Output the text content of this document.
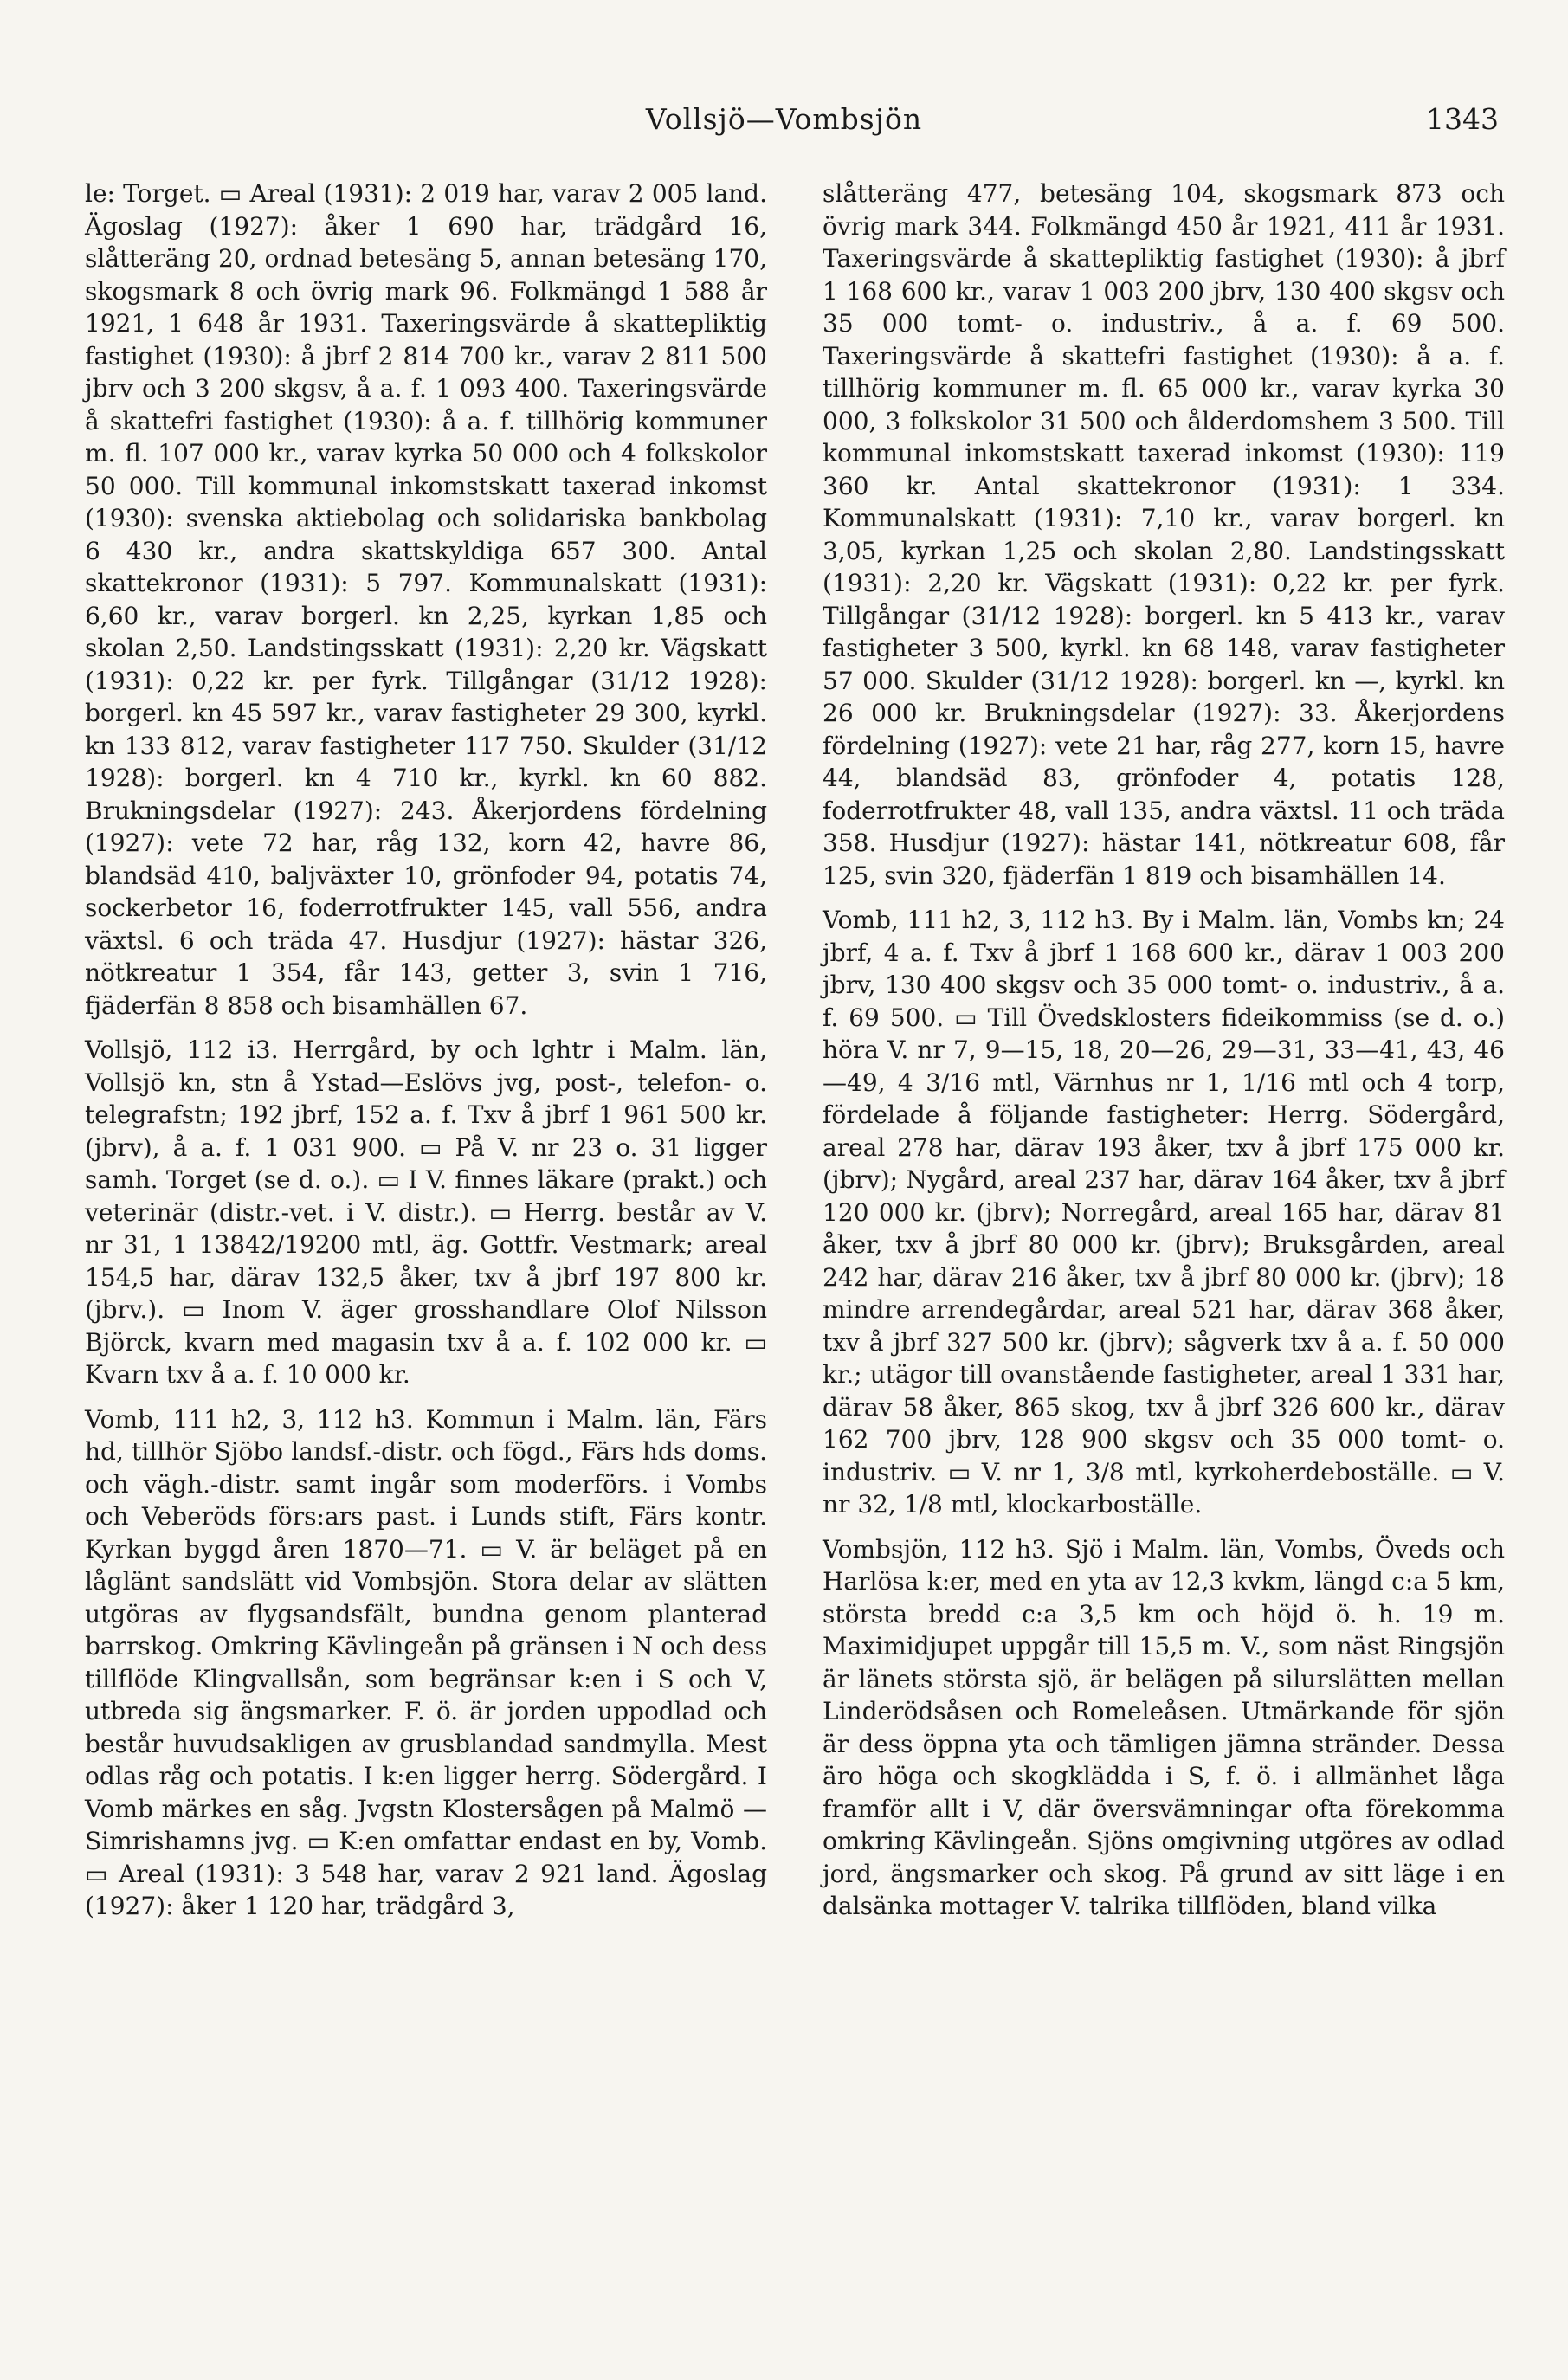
Vollsjö—Vombsjön	1343

le: Torget. ▭ Areal (1931): 2 019 har, varav 2 005 land. Ägoslag (1927): åker 1 690 har, trädgård 16, slåtteräng 20, ordnad betesäng 5, annan betesäng 170, skogsmark 8 och övrig mark 96. Folkmängd 1 588 år 1921, 1 648 år 1931. Taxeringsvärde å skattepliktig fastighet (1930): å jbrf 2 814 700 kr., varav 2 811 500 jbrv och 3 200 skgsv, å a. f. 1 093 400. Taxeringsvärde å skattefri fastighet (1930): å a. f. tillhörig kommuner m. fl. 107 000 kr., varav kyrka 50 000 och 4 folkskolor 50 000. Till kommunal inkomstskatt taxerad inkomst (1930): svenska aktiebolag och solidariska bankbolag 6 430 kr., andra skattskyldiga 657 300. Antal skattekronor (1931): 5 797. Kommunalskatt (1931): 6,60 kr., varav borgerl. kn 2,25, kyrkan 1,85 och skolan 2,50. Landstingsskatt (1931): 2,20 kr. Vägskatt (1931): 0,22 kr. per fyrk. Tillgångar (31/12 1928): borgerl. kn 45 597 kr., varav fastigheter 29 300, kyrkl. kn 133 812, varav fastigheter 117 750. Skulder (31/12 1928): borgerl. kn 4 710 kr., kyrkl. kn 60 882. Brukningsdelar (1927): 243. Åkerjordens fördelning (1927): vete 72 har, råg 132, korn 42, havre 86, blandsäd 410, baljväxter 10, grönfoder 94, potatis 74, sockerbetor 16, foderrotfrukter 145, vall 556, andra växtsl. 6 och träda 47. Husdjur (1927): hästar 326, nötkreatur 1 354, får 143, getter 3, svin 1 716, fjäderfän 8 858 och bisamhällen 67.

Vollsjö, 112 i3. Herrgård, by och lghtr i Malm. län, Vollsjö kn, stn å Ystad—Eslövs jvg, post-, telefon- o. telegrafstn; 192 jbrf, 152 a. f. Txv å jbrf 1 961 500 kr. (jbrv), å a. f. 1 031 900. ▭ På V. nr 23 o. 31 ligger samh. Torget (se d. o.). ▭ I V. finnes läkare (prakt.) och veterinär (distr.-vet. i V. distr.). ▭ Herrg. består av V. nr 31, 1 13842/19200 mtl, äg. Gottfr. Vestmark; areal 154,5 har, därav 132,5 åker, txv å jbrf 197 800 kr. (jbrv.). ▭ Inom V. äger grosshandlare Olof Nilsson Björck, kvarn med magasin txv å a. f. 102 000 kr. ▭ Kvarn txv å a. f. 10 000 kr.

Vomb, 111 h2, 3, 112 h3. Kommun i Malm. län, Färs hd, tillhör Sjöbo landsf.-distr. och fögd., Färs hds doms. och vägh.-distr. samt ingår som moderförs. i Vombs och Veberöds förs:ars past. i Lunds stift, Färs kontr. Kyrkan byggd åren 1870—71. ▭ V. är beläget på en låglänt sandslätt vid Vombsjön. Stora delar av slätten utgöras av flygsandsfält, bundna genom planterad barrskog. Omkring Kävlingeån på gränsen i N och dess tillflöde Klingvallsån, som begränsar k:en i S och V, utbreda sig ängsmarker. F. ö. är jorden uppodlad och består huvudsakligen av grusblandad sandmylla. Mest odlas råg och potatis. I k:en ligger herrg. Södergård. I Vomb märkes en såg. Jvgstn Klostersågen på Malmö — Simrishamns jvg. ▭ K:en omfattar endast en by, Vomb. ▭ Areal (1931): 3 548 har, varav 2 921 land. Ägoslag (1927): åker 1 120 har, trädgård 3,

slåtteräng 477, betesäng 104, skogsmark 873 och övrig mark 344. Folkmängd 450 år 1921, 411 år 1931. Taxeringsvärde å skattepliktig fastighet (1930): å jbrf 1 168 600 kr., varav 1 003 200 jbrv, 130 400 skgsv och 35 000 tomt- o. industriv., å a. f. 69 500. Taxeringsvärde å skattefri fastighet (1930): å a. f. tillhörig kommuner m. fl. 65 000 kr., varav kyrka 30 000, 3 folkskolor 31 500 och ålderdomshem 3 500. Till kommunal inkomstskatt taxerad inkomst (1930): 119 360 kr. Antal skattekronor (1931): 1 334. Kommunalskatt (1931): 7,10 kr., varav borgerl. kn 3,05, kyrkan 1,25 och skolan 2,80. Landstingsskatt (1931): 2,20 kr. Vägskatt (1931): 0,22 kr. per fyrk. Tillgångar (31/12 1928): borgerl. kn 5 413 kr., varav fastigheter 3 500, kyrkl. kn 68 148, varav fastigheter 57 000. Skulder (31/12 1928): borgerl. kn —, kyrkl. kn 26 000 kr. Brukningsdelar (1927): 33. Åkerjordens fördelning (1927): vete 21 har, råg 277, korn 15, havre 44, blandsäd 83, grönfoder 4, potatis 128, foderrotfrukter 48, vall 135, andra växtsl. 11 och träda 358. Husdjur (1927): hästar 141, nötkreatur 608, får 125, svin 320, fjäderfän 1 819 och bisamhällen 14.

Vomb, 111 h2, 3, 112 h3. By i Malm. län, Vombs kn; 24 jbrf, 4 a. f. Txv å jbrf 1 168 600 kr., därav 1 003 200 jbrv, 130 400 skgsv och 35 000 tomt- o. industriv., å a. f. 69 500. ▭ Till Övedsklosters fideikommiss (se d. o.) höra V. nr 7, 9—15, 18, 20—26, 29—31, 33—41, 43, 46—49, 4 3/16 mtl, Värnhus nr 1, 1/16 mtl och 4 torp, fördelade å följande fastigheter: Herrg. Södergård, areal 278 har, därav 193 åker, txv å jbrf 175 000 kr. (jbrv); Nygård, areal 237 har, därav 164 åker, txv å jbrf 120 000 kr. (jbrv); Norregård, areal 165 har, därav 81 åker, txv å jbrf 80 000 kr. (jbrv); Bruksgården, areal 242 har, därav 216 åker, txv å jbrf 80 000 kr. (jbrv); 18 mindre arrendegårdar, areal 521 har, därav 368 åker, txv å jbrf 327 500 kr. (jbrv); sågverk txv å a. f. 50 000 kr.; utägor till ovanstående fastigheter, areal 1 331 har, därav 58 åker, 865 skog, txv å jbrf 326 600 kr., därav 162 700 jbrv, 128 900 skgsv och 35 000 tomt- o. industriv. ▭ V. nr 1, 3/8 mtl, kyrkoherdeboställe. ▭ V. nr 32, 1/8 mtl, klockarboställe.

Vombsjön, 112 h3. Sjö i Malm. län, Vombs, Öveds och Harlösa k:er, med en yta av 12,3 kvkm, längd c:a 5 km, största bredd c:a 3,5 km och höjd ö. h. 19 m. Maximidjupet uppgår till 15,5 m. V., som näst Ringsjön är länets största sjö, är belägen på silurslätten mellan Linderödsåsen och Romeleåsen. Utmärkande för sjön är dess öppna yta och tämligen jämna stränder. Dessa äro höga och skogklädda i S, f. ö. i allmänhet låga framför allt i V, där översvämningar ofta förekomma omkring Kävlingeån. Sjöns omgivning utgöres av odlad jord, ängsmarker och skog. På grund av sitt läge i en dalsänka mottager V. talrika tillflöden, bland vilka
